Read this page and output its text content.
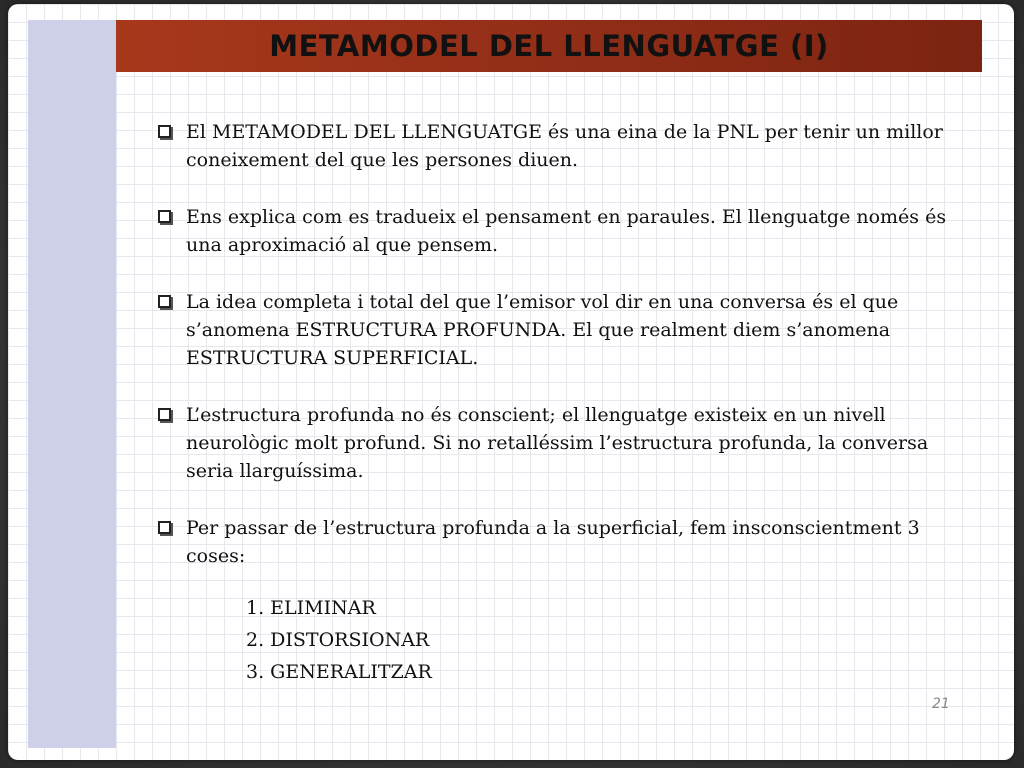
METAMODEL DEL LLENGUATGE (I)
El METAMODEL DEL LLENGUATGE és una eina de la PNL per tenir un millor coneixement del que les persones diuen.
Ens explica com es tradueix el pensament en paraules. El llenguatge només és una aproximació al que pensem.
La idea completa i total del que l’emisor vol dir en una conversa és el que s’anomena ESTRUCTURA PROFUNDA. El que realment diem s’anomena ESTRUCTURA SUPERFICIAL.
L’estructura profunda no és conscient; el llenguatge existeix en un nivell neurològic molt profund. Si no retalléssim l’estructura profunda, la conversa seria llarguíssima.
Per passar de l’estructura profunda a la superficial, fem insconscientment 3 coses:
1. ELIMINAR
2. DISTORSIONAR
3. GENERALITZAR
21
